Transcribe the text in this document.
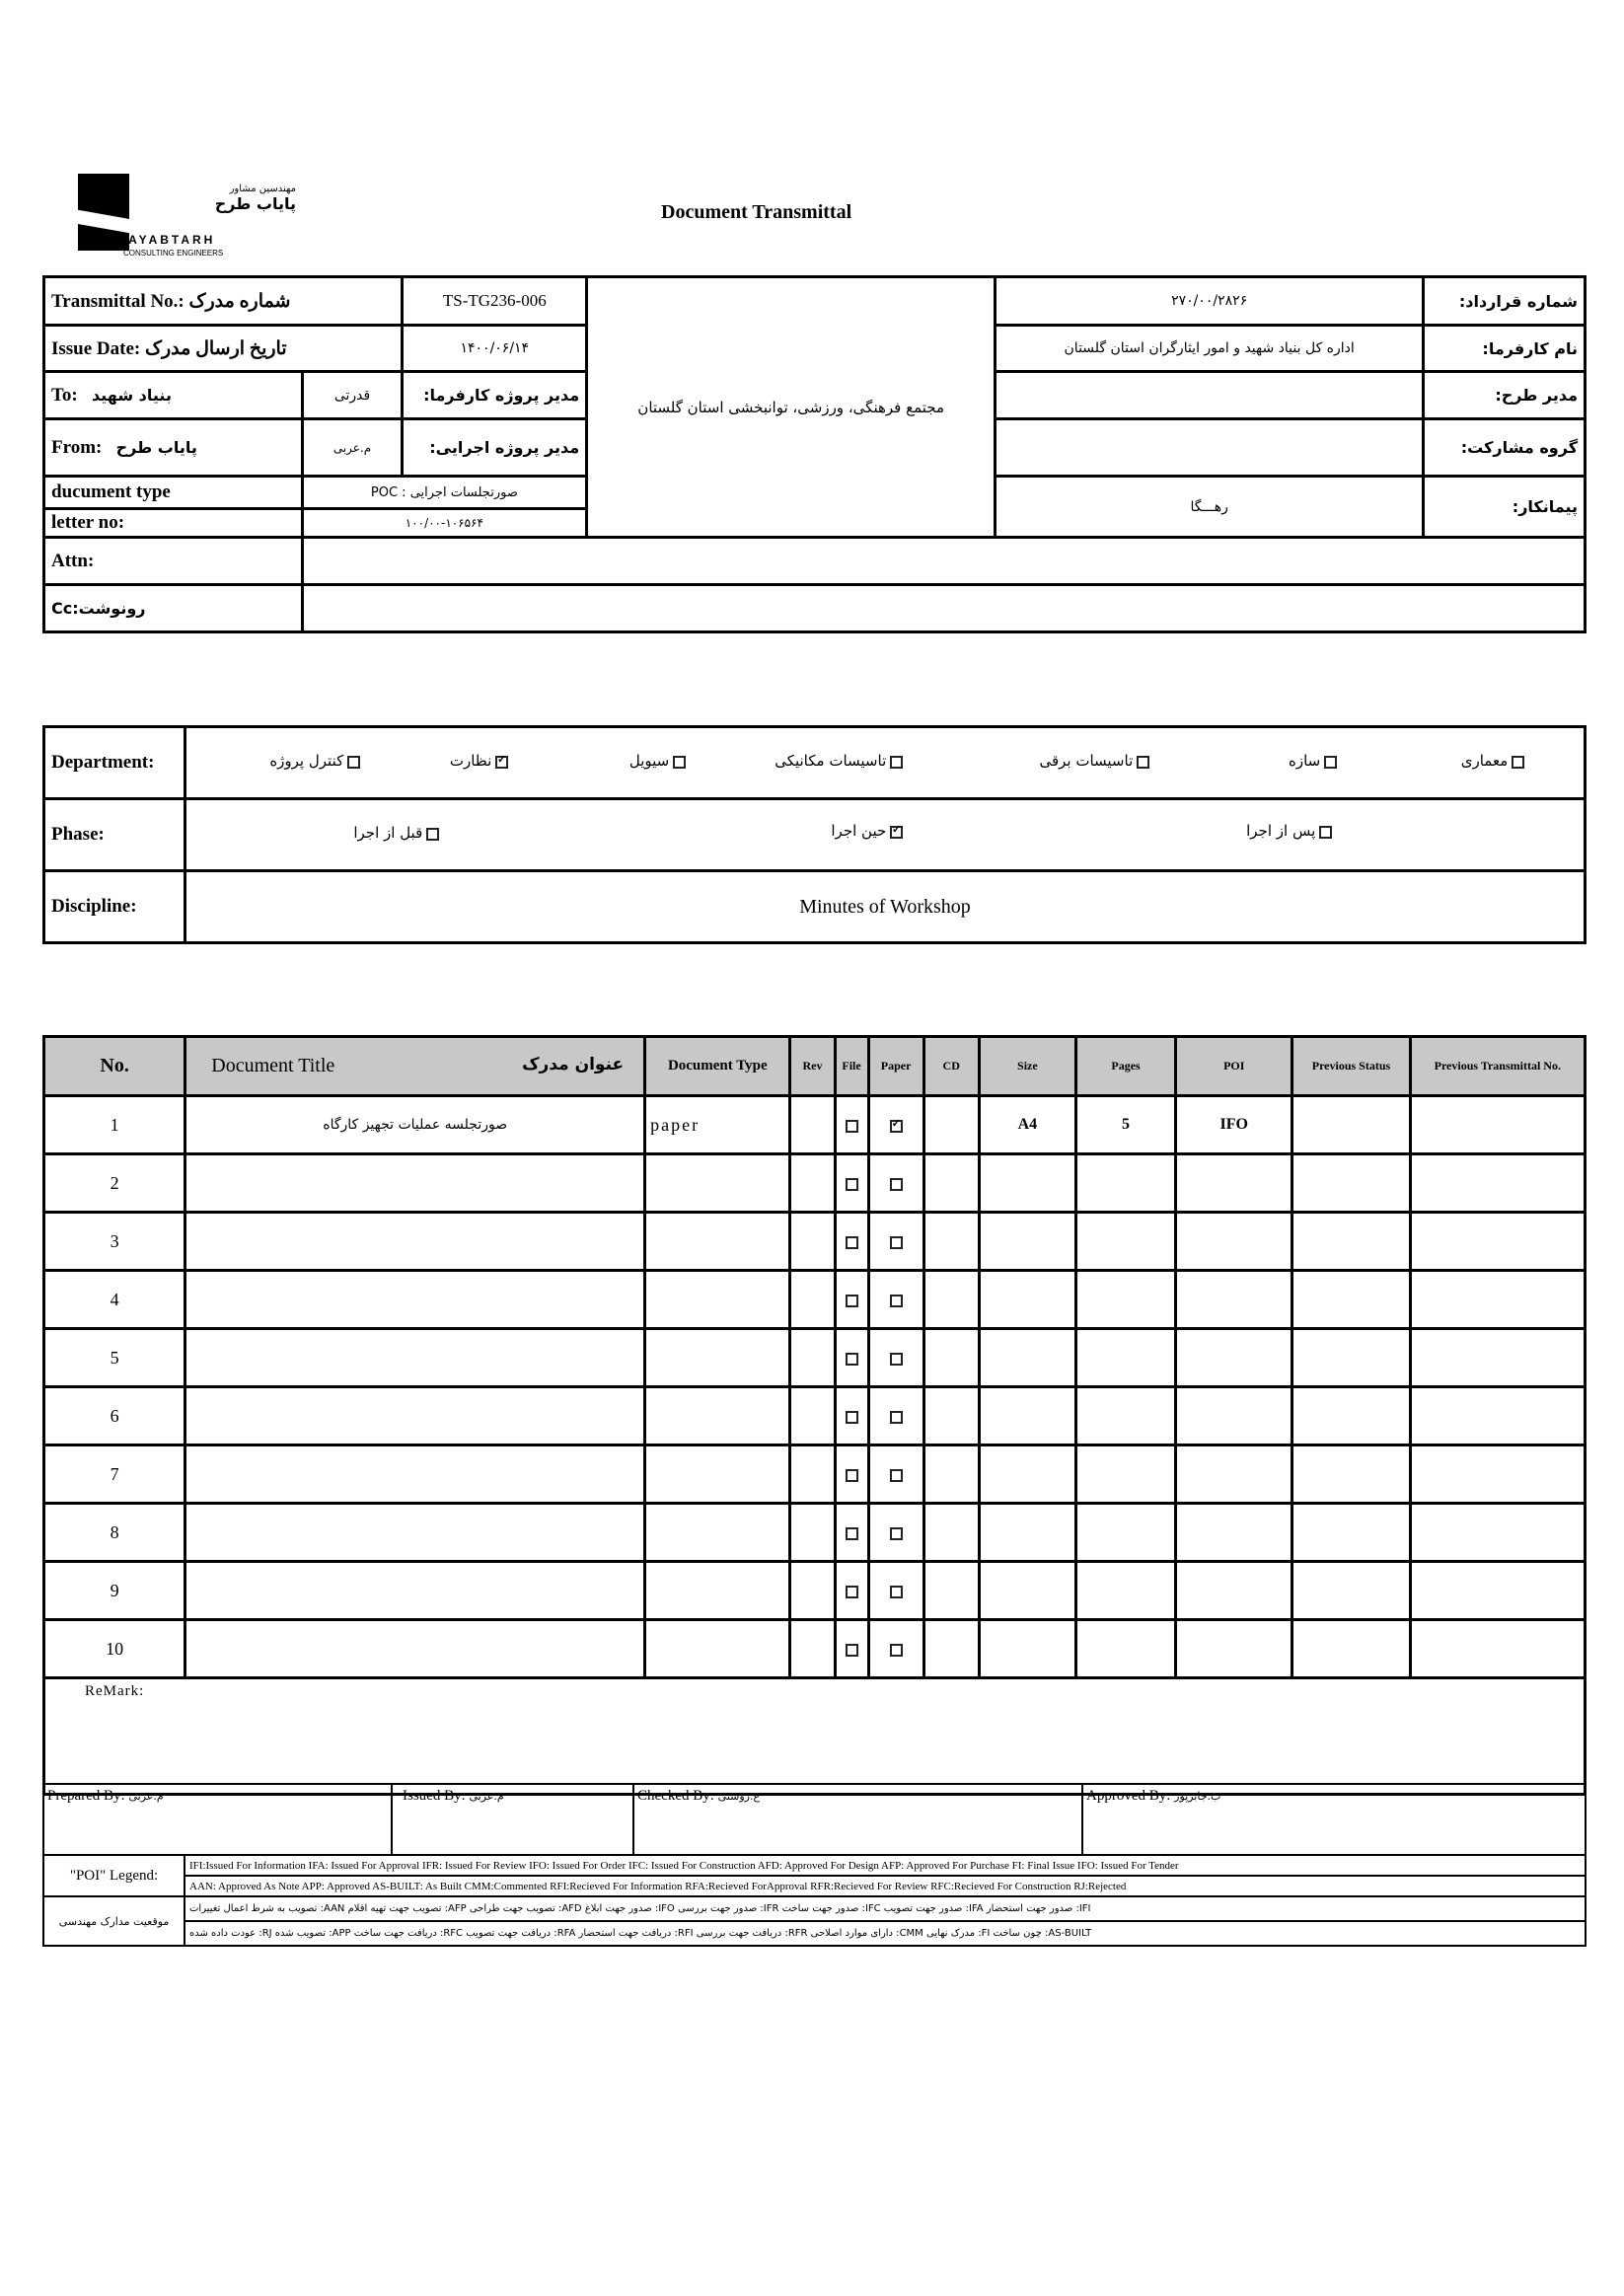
مهندسین مشاور
پایاب طرح
PAYABTARH
CONSULTING ENGINEERS
Document Transmittal
Transmittal No.: شماره مدرک		TS-TG236-006	مجتمع فرهنگی، ورزشی، توانبخشی استان گلستان	۲۷۰/۰۰/۲۸۲۶	شماره قرارداد:
Issue Date: تاریخ ارسال مدرک		۱۴۰۰/۰۶/۱۴		اداره کل بنیاد شهید و امور ایثارگران استان گلستان	نام کارفرما:
To: بنیاد شهید	قدرتی	مدیر پروژه کارفرما:			مدیر طرح:
From: پایاب طرح	م.عربی	مدیر پروژه اجرایی:			گروه مشارکت:
ducument type	صورتجلسات اجرایی : POC			رهـــگا	پیمانکار:
letter no:	۱۰۰/۰۰-۱۰۶۵۶۴				
Attn:					
Cc:رونوشت					
Department:	معماری
سازه
تاسیسات برقی
تاسیسات مکانیکی
سیویل
✓ نظارت
کنترل پروژه

Phase:	پس از اجرا
✓ حین اجرا
قبل از اجرا

Discipline:	Minutes of Workshop
No.	Document Title عنوان مدرک	Document Type	Rev	File	Paper	CD	Size	Pages	POI	Previous Status	Previous Transmittal No.
1	صورتجلسه عملیات تجهیز کارگاه	paper			✓		A4	5	IFO		
2											
3											
4											
5											
6											
7											
8											
9											
10											
ReMark:											
Prepared By: م.عربی	Issued By: م.عربی	Checked By: ع.روشنی	Approved By: ب.جابرپور
"POI" Legend:	IFI:Issued For Information IFA: Issued For Approval IFR: Issued For Review IFO: Issued For Order IFC: Issued For Construction AFD: Approved For Design AFP: Approved For Purchase FI: Final Issue IFO: Issued For Tender
	AAN: Approved As Note APP: Approved AS-BUILT: As Built CMM:Commented RFI:Recieved For Information RFA:Recieved ForApproval RFR:Recieved For Review RFC:Recieved For Construction RJ:Rejected
موقعیت مدارک مهندسی	IFI: صدور جهت استحضار IFA: صدور جهت تصویب IFC: صدور جهت ساخت IFR: صدور جهت بررسی IFO: صدور جهت ابلاغ AFD: تصویب جهت طراحی AFP: تصویب جهت تهیه اقلام AAN: تصویب به شرط اعمال تغییرات
	AS-BUILT: چون ساخت FI: مدرک نهایی CMM: دارای موارد اصلاحی RFR: دریافت جهت بررسی RFI: دریافت جهت استحضار RFA: دریافت جهت تصویب RFC: دریافت جهت ساخت APP: تصویب شده RJ: عودت داده شده
